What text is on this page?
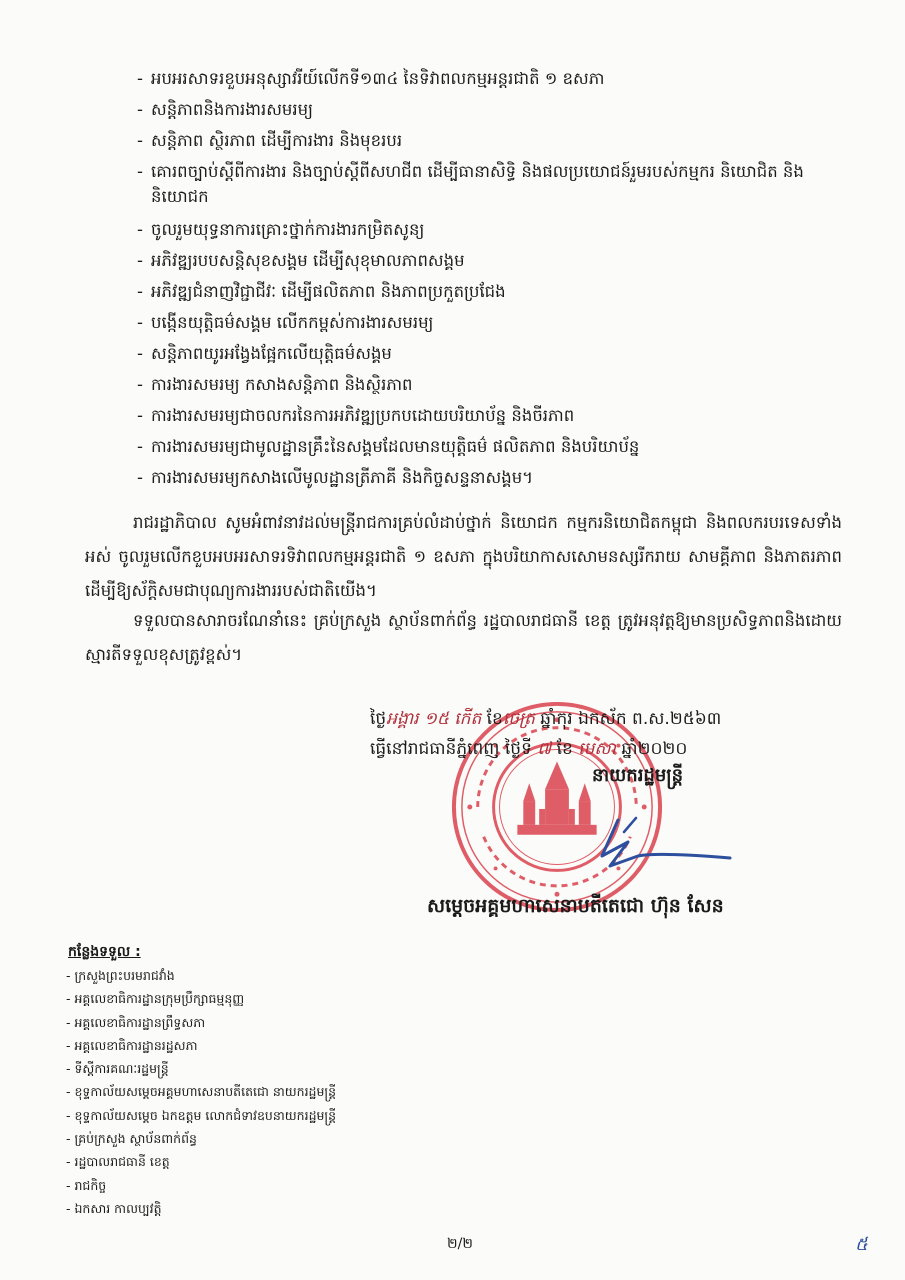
- អបអរសាទរខួបអនុស្សាវរីយ៍លើកទី១៣៤ នៃទិវាពលកម្មអន្តរជាតិ ១ ឧសភា
- សន្តិភាពនិងការងារសមរម្យ
- សន្តិភាព ស្ថិរភាព ដើម្បីការងារ និងមុខរបរ
- គោរពច្បាប់ស្តីពីការងារ និងច្បាប់ស្តីពីសហជីព ដើម្បីធានាសិទ្ធិ និងផលប្រយោជន៍រួមរបស់កម្មករ និយោជិត និងនិយោជក
- ចូលរួមយុទ្ធនាការគ្រោះថ្នាក់ការងារកម្រិតសូន្យ
- អភិវឌ្ឍរបបសន្តិសុខសង្គម ដើម្បីសុខុមាលភាពសង្គម
- អភិវឌ្ឍជំនាញវិជ្ជាជីវៈ ដើម្បីផលិតភាព និងភាពប្រកួតប្រជែង
- បង្កើនយុត្តិធម៌សង្គម លើកកម្ពស់ការងារសមរម្យ
- សន្តិភាពយូរអង្វែងផ្អែកលើយុត្តិធម៌សង្គម
- ការងារសមរម្យ កសាងសន្តិភាព និងស្ថិរភាព
- ការងារសមរម្យជាចលករនៃការអភិវឌ្ឍប្រកបដោយបរិយាប័ន្ន និងចីរភាព
- ការងារសមរម្យជាមូលដ្ឋានគ្រឹះនៃសង្គមដែលមានយុត្តិធម៌ ផលិតភាព និងបរិយាប័ន្ន
- ការងារសមរម្យកសាងលើមូលដ្ឋានត្រីភាគី និងកិច្ចសន្ទនាសង្គម។

រាជរដ្ឋាភិបាល សូមអំពាវនាវដល់មន្ត្រីរាជការគ្រប់លំដាប់ថ្នាក់ និយោជក កម្មករនិយោជិតកម្ពុជា និងពលករបរទេសទាំងអស់ ចូលរួមលើកខួបអបអរសាទរទិវាពលកម្មអន្តរជាតិ ១ ឧសភា ក្នុងបរិយាកាសសោមនស្សរីករាយ សាមគ្គីភាព និងភាតរភាព ដើម្បីឱ្យស័ក្តិសមជាបុណ្យការងាររបស់ជាតិយើង។

ទទួលបានសារាចរណែនាំនេះ គ្រប់ក្រសួង ស្ថាប័នពាក់ព័ន្ធ រដ្ឋបាលរាជធានី ខេត្ត ត្រូវអនុវត្តឱ្យមានប្រសិទ្ធភាពនិងដោយស្មារតីទទួលខុសត្រូវខ្ពស់។

ថ្ងៃអង្គារ ១៥ កើត ខែចេត្រ ឆ្នាំកុរ ឯកស័ក ព.ស.២៥៦៣
ធ្វើនៅរាជធានីភ្នំពេញ ថ្ងៃទី ៧ ខែ មេសា ឆ្នាំ២០២០
នាយករដ្ឋមន្ត្រី
សម្តេចអគ្គមហាសេនាបតីតេជោ ហ៊ុន សែន
កន្លែងទទួល :
- ក្រសួងព្រះបរមរាជវាំង
- អគ្គលេខាធិការដ្ឋានក្រុមប្រឹក្សាធម្មនុញ្ញ
- អគ្គលេខាធិការដ្ឋានព្រឹទ្ធសភា
- អគ្គលេខាធិការដ្ឋានរដ្ឋសភា
- ទីស្តីការគណៈរដ្ឋមន្ត្រី
- ខុទ្ទកាល័យសម្តេចអគ្គមហាសេនាបតីតេជោ នាយករដ្ឋមន្ត្រី
- ខុទ្ទកាល័យសម្តេច ឯកឧត្តម លោកជំទាវឧបនាយករដ្ឋមន្ត្រី
- គ្រប់ក្រសួង ស្ថាប័នពាក់ព័ន្ធ
- រដ្ឋបាលរាជធានី ខេត្ត
- រាជកិច្ច
- ឯកសារ កាលប្បវត្តិ
២/២	៥
